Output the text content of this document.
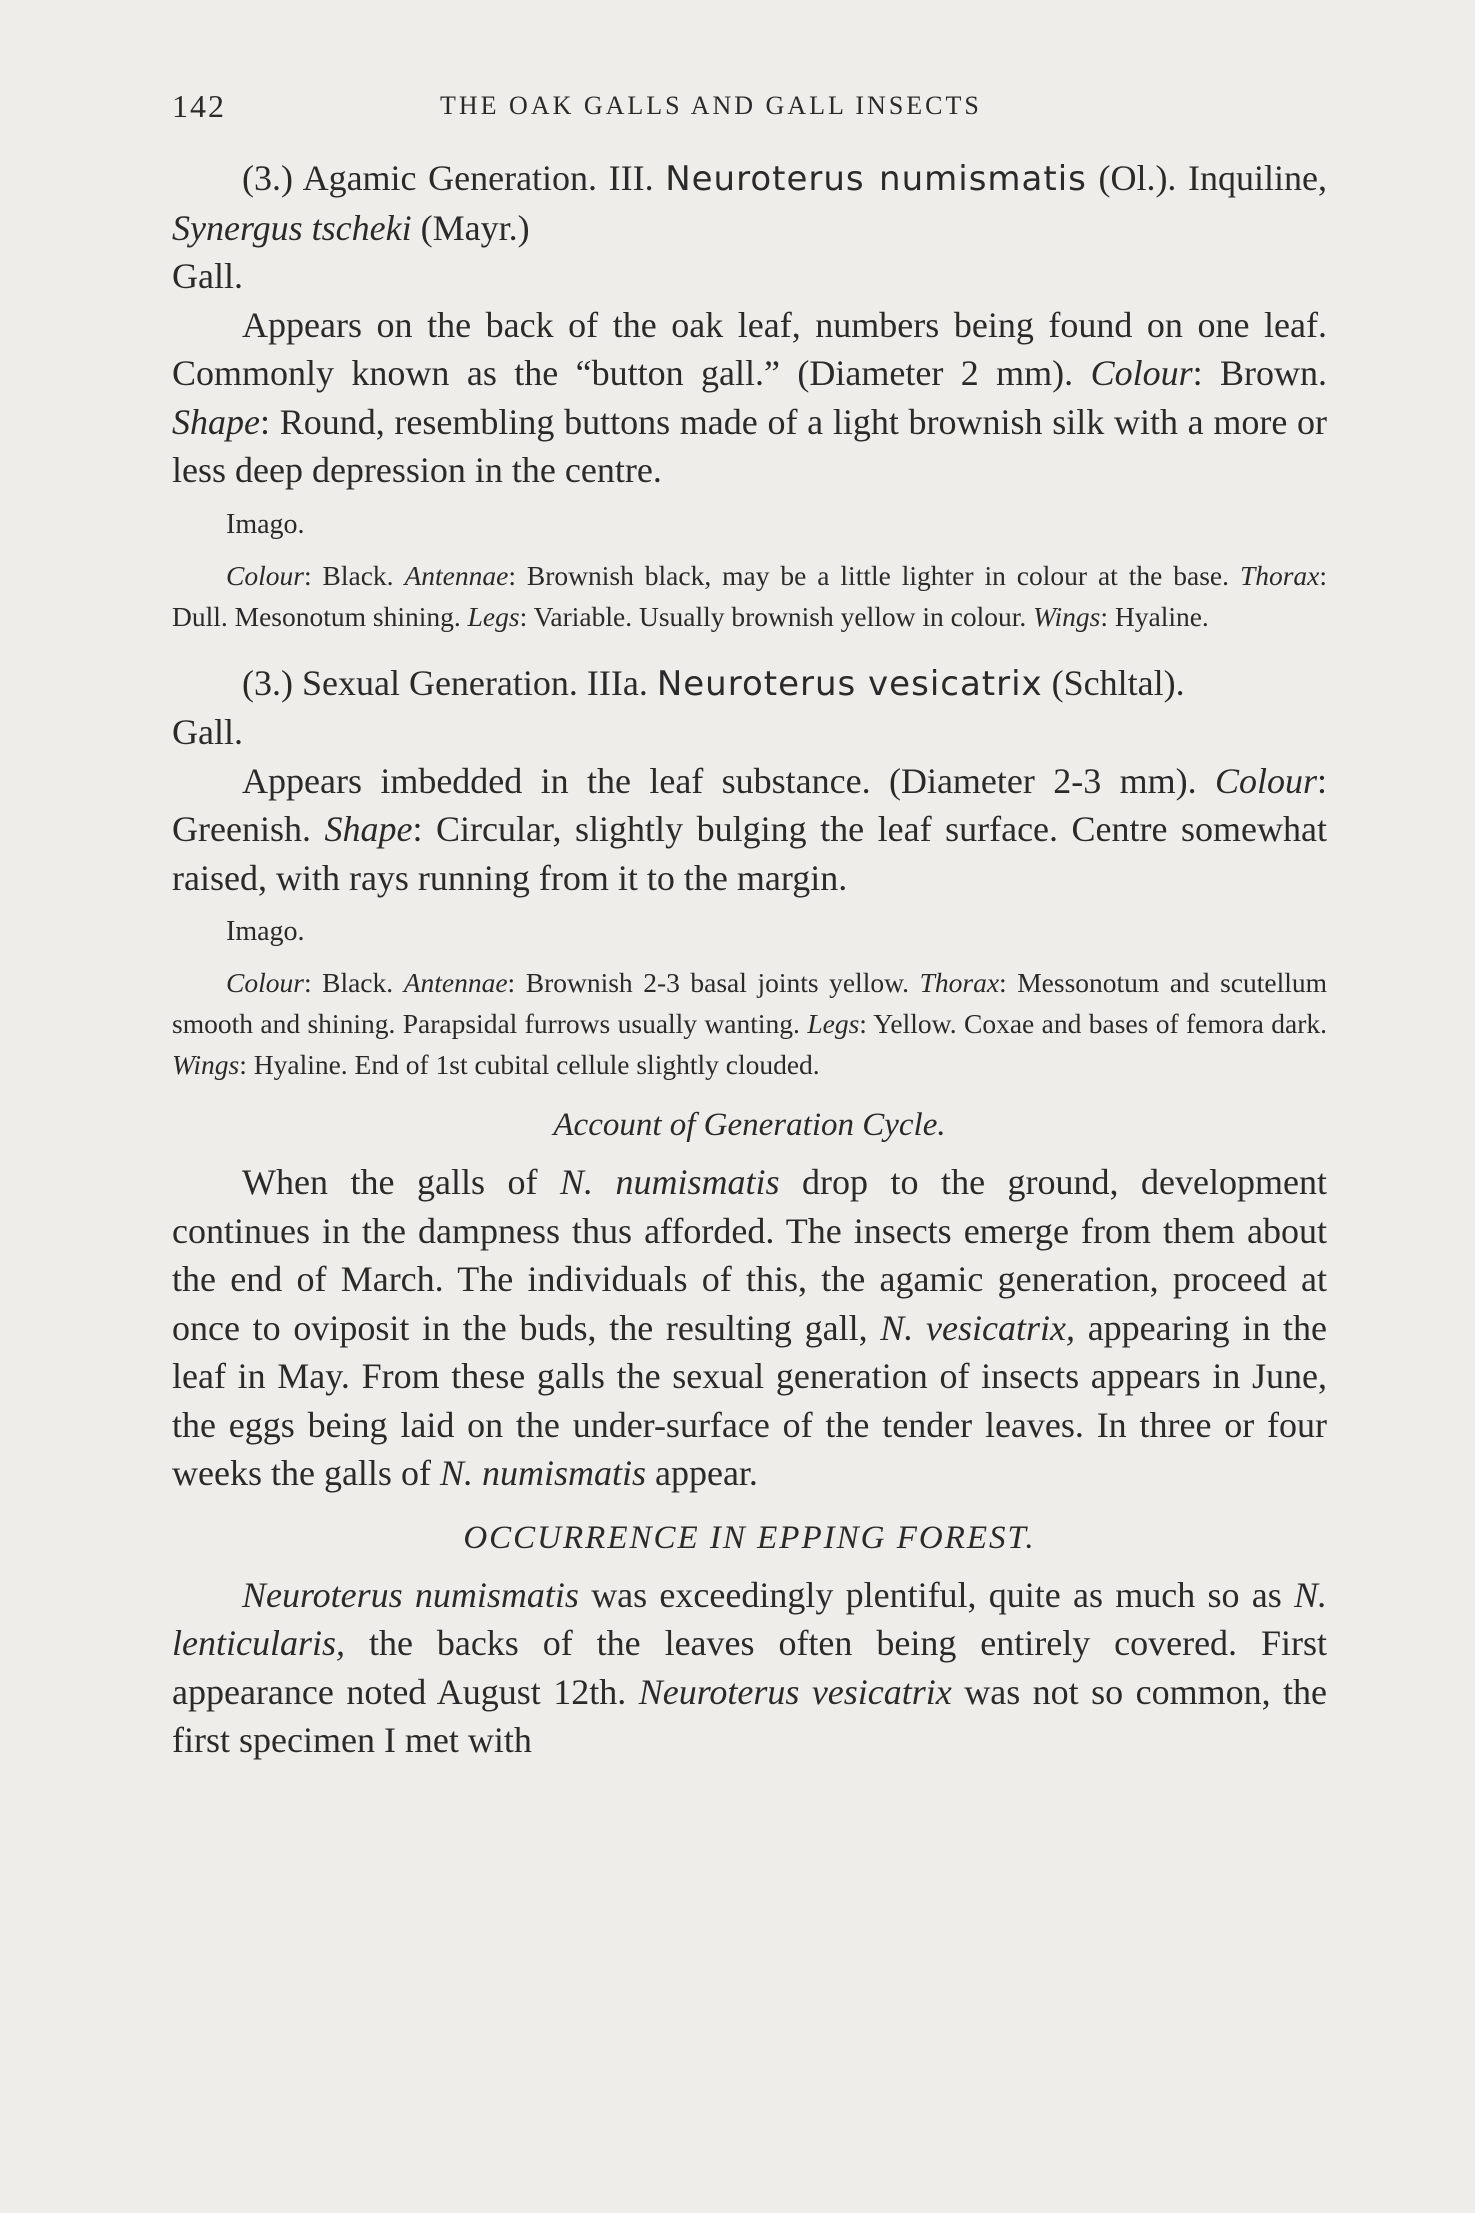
142	THE OAK GALLS AND GALL INSECTS

(3.) Agamic Generation. III. Neuroterus numismatis (Ol.). Inquiline, Synergus tscheki (Mayr.)

Gall.

Appears on the back of the oak leaf, numbers being found on one leaf. Commonly known as the “button gall.” (Diameter 2 mm). Colour: Brown. Shape: Round, resembling buttons made of a light brownish silk with a more or less deep depression in the centre.

Imago.

Colour: Black. Antennae: Brownish black, may be a little lighter in colour at the base. Thorax: Dull. Mesonotum shining. Legs: Variable. Usually brownish yellow in colour. Wings: Hyaline.

(3.) Sexual Generation. IIIa. Neuroterus vesicatrix (Schltal).

Gall.

Appears imbedded in the leaf substance. (Diameter 2-3 mm). Colour: Greenish. Shape: Circular, slightly bulging the leaf surface. Centre somewhat raised, with rays running from it to the margin.

Imago.

Colour: Black. Antennae: Brownish 2-3 basal joints yellow. Thorax: Messonotum and scutellum smooth and shining. Parapsidal furrows usually wanting. Legs: Yellow. Coxae and bases of femora dark. Wings: Hyaline. End of 1st cubital cellule slightly clouded.

Account of Generation Cycle.

When the galls of N. numismatis drop to the ground, development continues in the dampness thus afforded. The insects emerge from them about the end of March. The individuals of this, the agamic generation, proceed at once to oviposit in the buds, the resulting gall, N. vesicatrix, appearing in the leaf in May. From these galls the sexual generation of insects appears in June, the eggs being laid on the under-surface of the tender leaves. In three or four weeks the galls of N. numismatis appear.

OCCURRENCE IN EPPING FOREST.

Neuroterus numismatis was exceedingly plentiful, quite as much so as N. lenticularis, the backs of the leaves often being entirely covered. First appearance noted August 12th. Neuroterus vesicatrix was not so common, the first specimen I met with
